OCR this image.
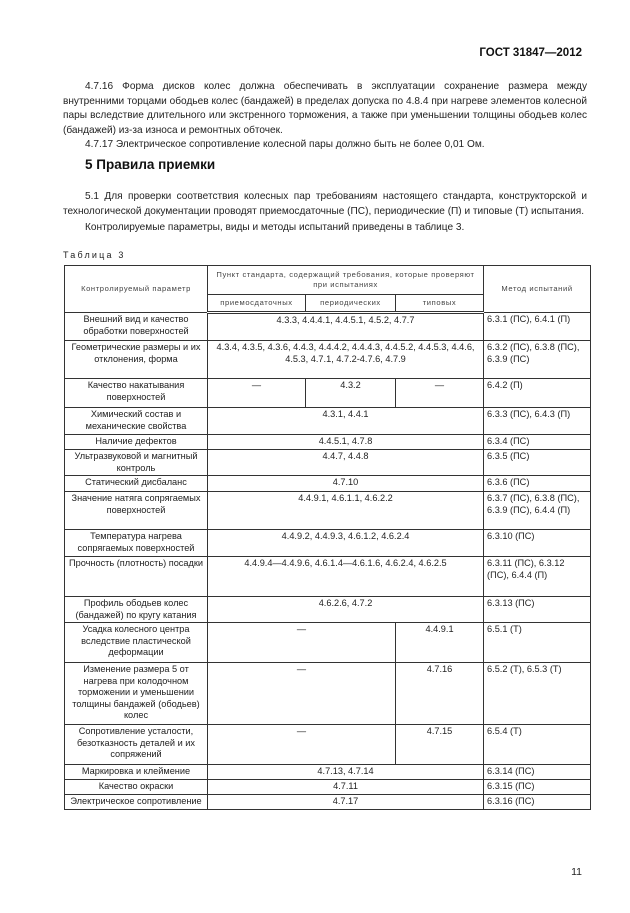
ГОСТ 31847—2012

4.7.16 Форма дисков колес должна обеспечивать в эксплуатации сохранение размера между внутренними торцами ободьев колес (бандажей) в пределах допуска по 4.8.4 при нагреве элементов колесной пары вследствие длительного или экстренного торможения, а также при уменьшении толщины ободьев колес (бандажей) из-за износа и ремонтных обточек.

4.7.17 Электрическое сопротивление колесной пары должно быть не более 0,01 Ом.

5 Правила приемки

5.1 Для проверки соответствия колесных пар требованиям настоящего стандарта, конструкторской и технологической документации проводят приемосдаточные (ПС), периодические (П) и типовые (Т) испытания.

Контролируемые параметры, виды и методы испытаний приведены в таблице 3.

Таблица 3
Контролируемый параметр	Пункт стандарта, содержащий требования, которые проверяют при испытаниях			Метод испытаний
	приемосдаточных	периодических	типовых	
Внешний вид и качество обработки поверхностей	4.3.3, 4.4.4.1, 4.4.5.1, 4.5.2, 4.7.7			6.3.1 (ПС), 6.4.1 (П)
Геометрические размеры и их отклонения, форма	4.3.4, 4.3.5, 4.3.6, 4.4.3, 4.4.4.2, 4.4.4.3, 4.4.5.2, 4.4.5.3, 4.4.6, 4.5.3, 4.7.1, 4.7.2-4.7.6, 4.7.9			6.3.2 (ПС), 6.3.8 (ПС), 6.3.9 (ПС)
Качество накатывания поверхностей	—	4.3.2	—	6.4.2 (П)
Химический состав и механические свойства	4.3.1, 4.4.1			6.3.3 (ПС), 6.4.3 (П)
Наличие дефектов	4.4.5.1, 4.7.8			6.3.4 (ПС)
Ультразвуковой и магнитный контроль	4.4.7, 4.4.8			6.3.5 (ПС)
Статический дисбаланс	4.7.10			6.3.6 (ПС)
Значение натяга сопрягаемых поверхностей	4.4.9.1, 4.6.1.1, 4.6.2.2			6.3.7 (ПС), 6.3.8 (ПС), 6.3.9 (ПС), 6.4.4 (П)
Температура нагрева сопрягаемых поверхностей	4.4.9.2, 4.4.9.3, 4.6.1.2, 4.6.2.4			6.3.10 (ПС)
Прочность (плотность) посадки	4.4.9.4—4.4.9.6, 4.6.1.4—4.6.1.6, 4.6.2.4, 4.6.2.5			6.3.11 (ПС), 6.3.12 (ПС), 6.4.4 (П)
Профиль ободьев колес (бандажей) по кругу катания	4.6.2.6, 4.7.2			6.3.13 (ПС)
Усадка колесного центра вследствие пластической деформации	—		4.4.9.1	6.5.1 (Т)
Изменение размера 5 от нагрева при колодочном торможении и уменьшении толщины бандажей (ободьев) колес	—		4.7.16	6.5.2 (Т), 6.5.3 (Т)
Сопротивление усталости, безотказность деталей и их сопряжений	—		4.7.15	6.5.4 (Т)
Маркировка и клеймение	4.7.13, 4.7.14			6.3.14 (ПС)
Качество окраски	4.7.11			6.3.15 (ПС)
Электрическое сопротивление	4.7.17			6.3.16 (ПС)
11
